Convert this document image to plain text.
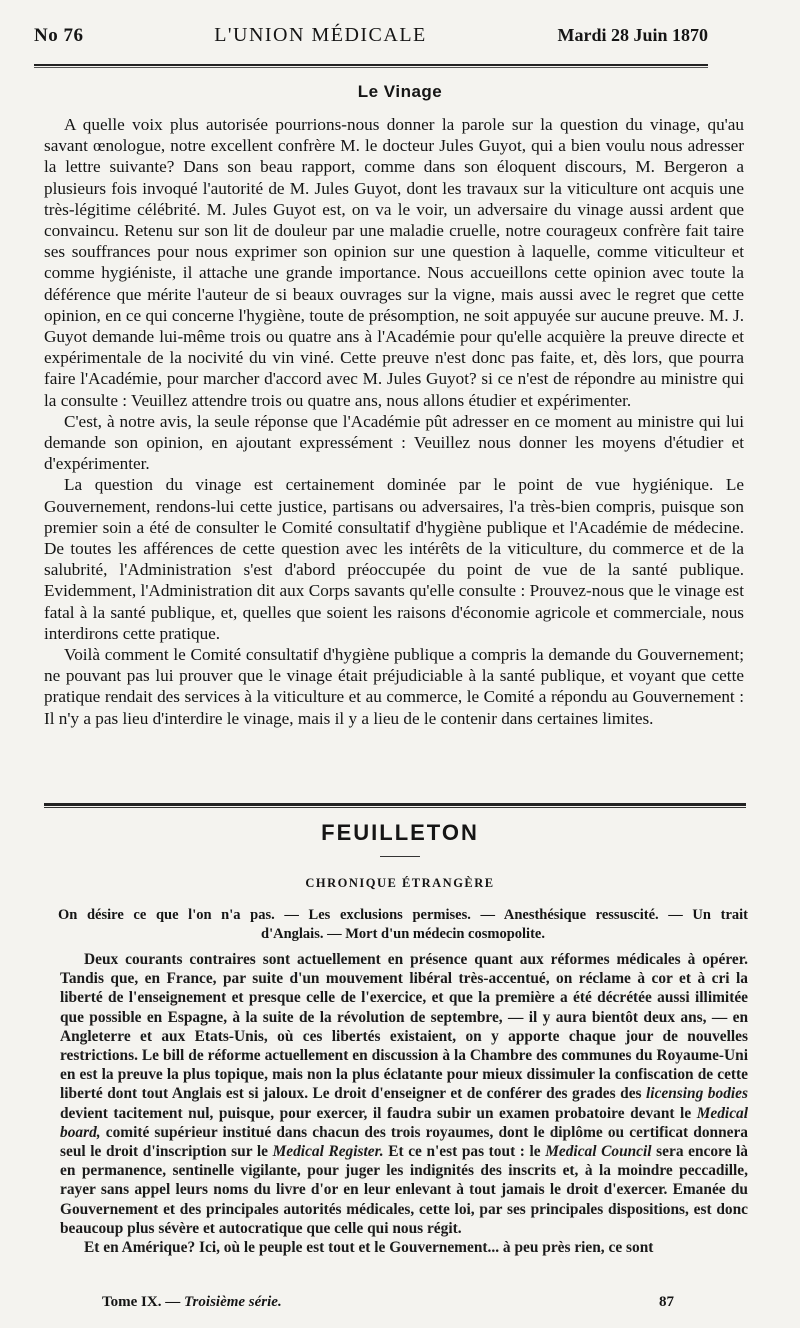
No 76	L'UNION MÉDICALE	Mardi 28 Juin 1870
Le Vinage

A quelle voix plus autorisée pourrions-nous donner la parole sur la question du vinage, qu'au savant œnologue, notre excellent confrère M. le docteur Jules Guyot, qui a bien voulu nous adresser la lettre suivante? Dans son beau rapport, comme dans son éloquent discours, M. Bergeron a plusieurs fois invoqué l'autorité de M. Jules Guyot, dont les travaux sur la viticulture ont acquis une très-légitime célébrité. M. Jules Guyot est, on va le voir, un adversaire du vinage aussi ardent que convaincu. Retenu sur son lit de douleur par une maladie cruelle, notre courageux confrère fait taire ses souffrances pour nous exprimer son opinion sur une question à laquelle, comme viticulteur et comme hygiéniste, il attache une grande importance. Nous accueillons cette opinion avec toute la déférence que mérite l'auteur de si beaux ouvrages sur la vigne, mais aussi avec le regret que cette opinion, en ce qui concerne l'hygiène, toute de présomption, ne soit appuyée sur aucune preuve. M. J. Guyot demande lui-même trois ou quatre ans à l'Académie pour qu'elle acquière la preuve directe et expérimentale de la nocivité du vin viné. Cette preuve n'est donc pas faite, et, dès lors, que pourra faire l'Académie, pour marcher d'accord avec M. Jules Guyot? si ce n'est de répondre au ministre qui la consulte : Veuillez attendre trois ou quatre ans, nous allons étudier et expérimenter.

C'est, à notre avis, la seule réponse que l'Académie pût adresser en ce moment au ministre qui lui demande son opinion, en ajoutant expressément : Veuillez nous donner les moyens d'étudier et d'expérimenter.

La question du vinage est certainement dominée par le point de vue hygiénique. Le Gouvernement, rendons-lui cette justice, partisans ou adversaires, l'a très-bien compris, puisque son premier soin a été de consulter le Comité consultatif d'hygiène publique et l'Académie de médecine. De toutes les afférences de cette question avec les intérêts de la viticulture, du commerce et de la salubrité, l'Administration s'est d'abord préoccupée du point de vue de la santé publique. Evidemment, l'Administration dit aux Corps savants qu'elle consulte : Prouvez-nous que le vinage est fatal à la santé publique, et, quelles que soient les raisons d'économie agricole et commerciale, nous interdirons cette pratique.

Voilà comment le Comité consultatif d'hygiène publique a compris la demande du Gouvernement; ne pouvant pas lui prouver que le vinage était préjudiciable à la santé publique, et voyant que cette pratique rendait des services à la viticulture et au commerce, le Comité a répondu au Gouvernement : Il n'y a pas lieu d'interdire le vinage, mais il y a lieu de le contenir dans certaines limites.

FEUILLETON
CHRONIQUE ÉTRANGÈRE
On désire ce que l'on n'a pas. — Les exclusions permises. — Anesthésique ressuscité. — Un trait
d'Anglais. — Mort d'un médecin cosmopolite.

Deux courants contraires sont actuellement en présence quant aux réformes médicales à opérer. Tandis que, en France, par suite d'un mouvement libéral très-accentué, on réclame à cor et à cri la liberté de l'enseignement et presque celle de l'exercice, et que la première a été décrétée aussi illimitée que possible en Espagne, à la suite de la révolution de septembre, — il y aura bientôt deux ans, — en Angleterre et aux Etats-Unis, où ces libertés existaient, on y apporte chaque jour de nouvelles restrictions. Le bill de réforme actuellement en discussion à la Chambre des communes du Royaume-Uni en est la preuve la plus topique, mais non la plus éclatante pour mieux dissimuler la confiscation de cette liberté dont tout Anglais est si jaloux. Le droit d'enseigner et de conférer des grades des licensing bodies devient tacitement nul, puisque, pour exercer, il faudra subir un examen probatoire devant le Medical board, comité supérieur institué dans chacun des trois royaumes, dont le diplôme ou certificat donnera seul le droit d'inscription sur le Medical Register. Et ce n'est pas tout : le Medical Council sera encore là en permanence, sentinelle vigilante, pour juger les indignités des inscrits et, à la moindre peccadille, rayer sans appel leurs noms du livre d'or en leur enlevant à tout jamais le droit d'exercer. Emanée du Gouvernement et des principales autorités médicales, cette loi, par ses principales dispositions, est donc beaucoup plus sévère et autocratique que celle qui nous régit.

Et en Amérique? Ici, où le peuple est tout et le Gouvernement... à peu près rien, ce sont

Tome IX. — Troisième série.	87
